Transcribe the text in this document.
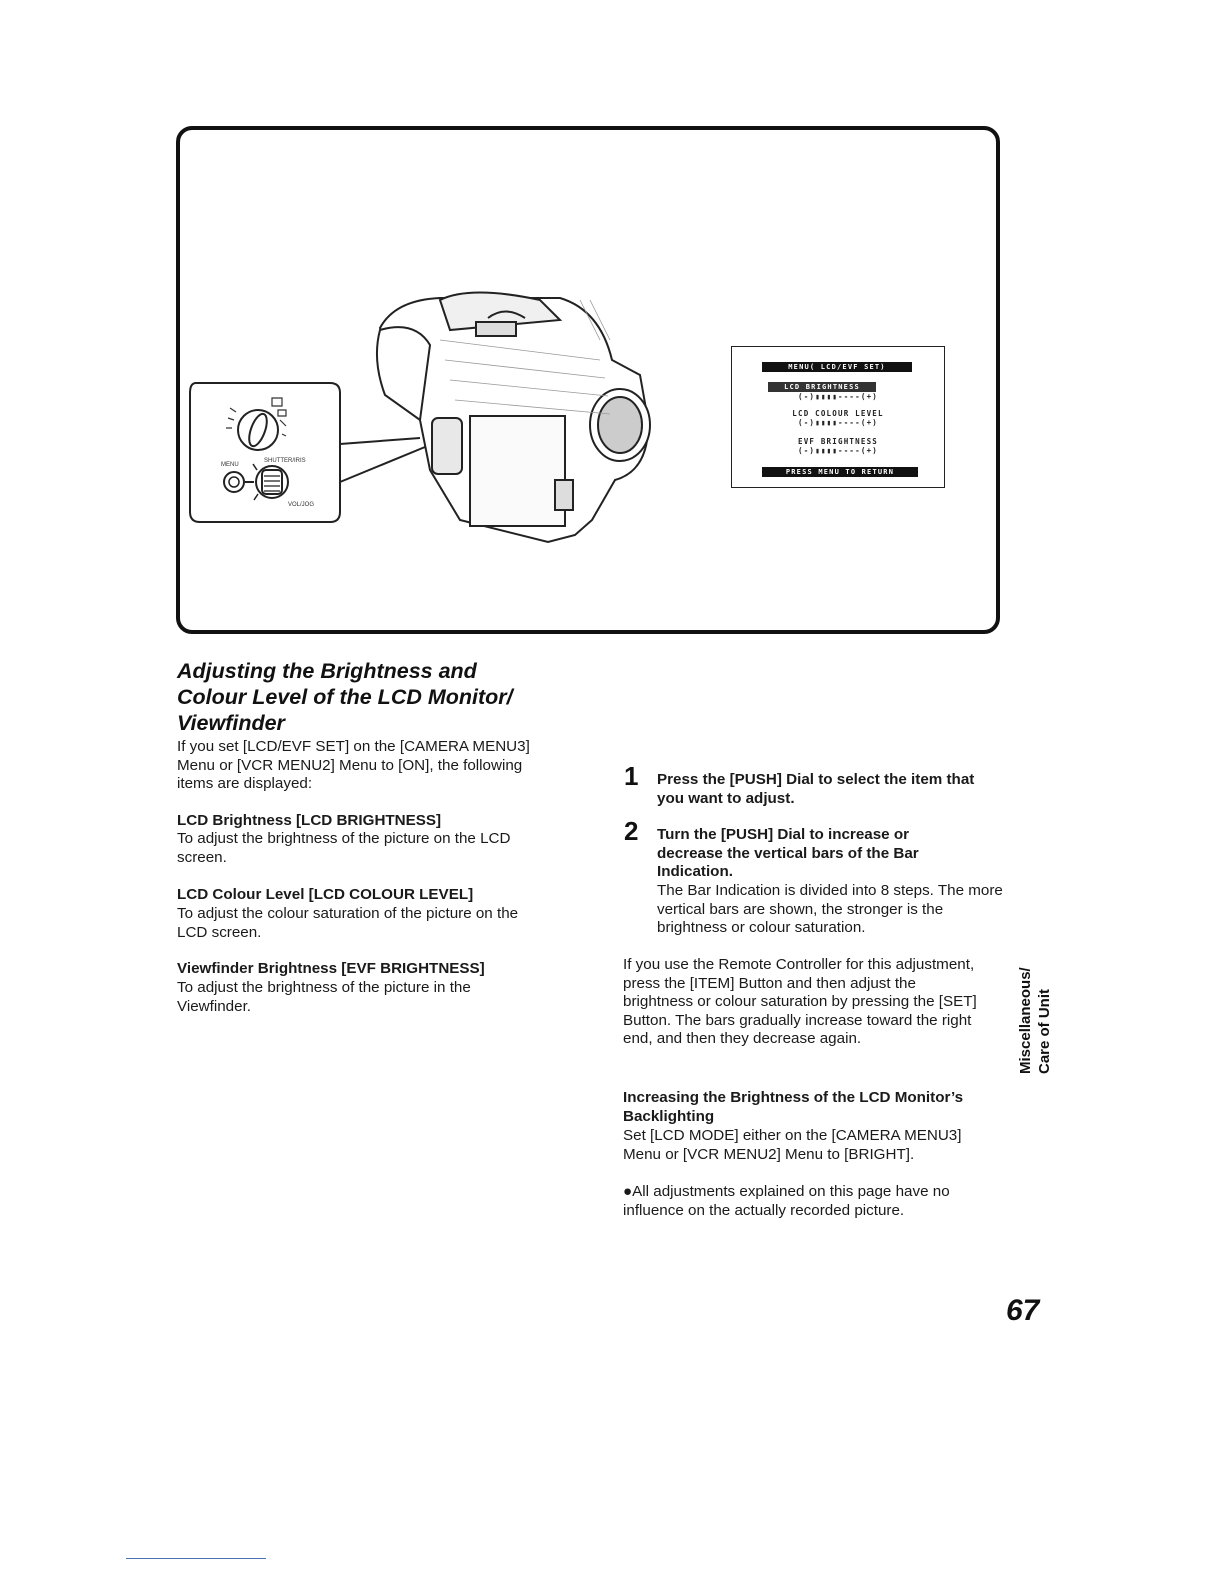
MENU
SHUTTER/IRIS
VOL/JOG
MENU( LCD/EVF SET)
LCD BRIGHTNESS
(-)▮▮▮▮----(+)
LCD COLOUR LEVEL
(-)▮▮▮▮----(+)
EVF BRIGHTNESS
(-)▮▮▮▮----(+)
PRESS MENU TO RETURN
Adjusting the Brightness and
Colour Level of the LCD Monitor/
Viewfinder
If you set [LCD/EVF SET] on the [CAMERA MENU3] Menu or [VCR MENU2] Menu to [ON], the following items are displayed:
LCD Brightness [LCD BRIGHTNESS]
To adjust the brightness of the picture on the LCD screen.
LCD Colour Level [LCD COLOUR LEVEL]
To adjust the colour saturation of the picture on the LCD screen.
Viewfinder Brightness [EVF BRIGHTNESS]
To adjust the brightness of the picture in the Viewfinder.
1 Press the [PUSH] Dial to select the item that you want to adjust.
2 Turn the [PUSH] Dial to increase or decrease the vertical bars of the Bar Indication.
The Bar Indication is divided into 8 steps. The more vertical bars are shown, the stronger is the brightness or colour saturation.
If you use the Remote Controller for this adjustment, press the [ITEM] Button and then adjust the brightness or colour saturation by pressing the [SET] Button. The bars gradually increase toward the right end, and then they decrease again.
Increasing the Brightness of the LCD Monitor’s Backlighting
Set [LCD MODE] either on the [CAMERA MENU3] Menu or [VCR MENU2] Menu to [BRIGHT].
●All adjustments explained on this page have no influence on the actually recorded picture.
Miscellaneous/ Care of Unit
67
